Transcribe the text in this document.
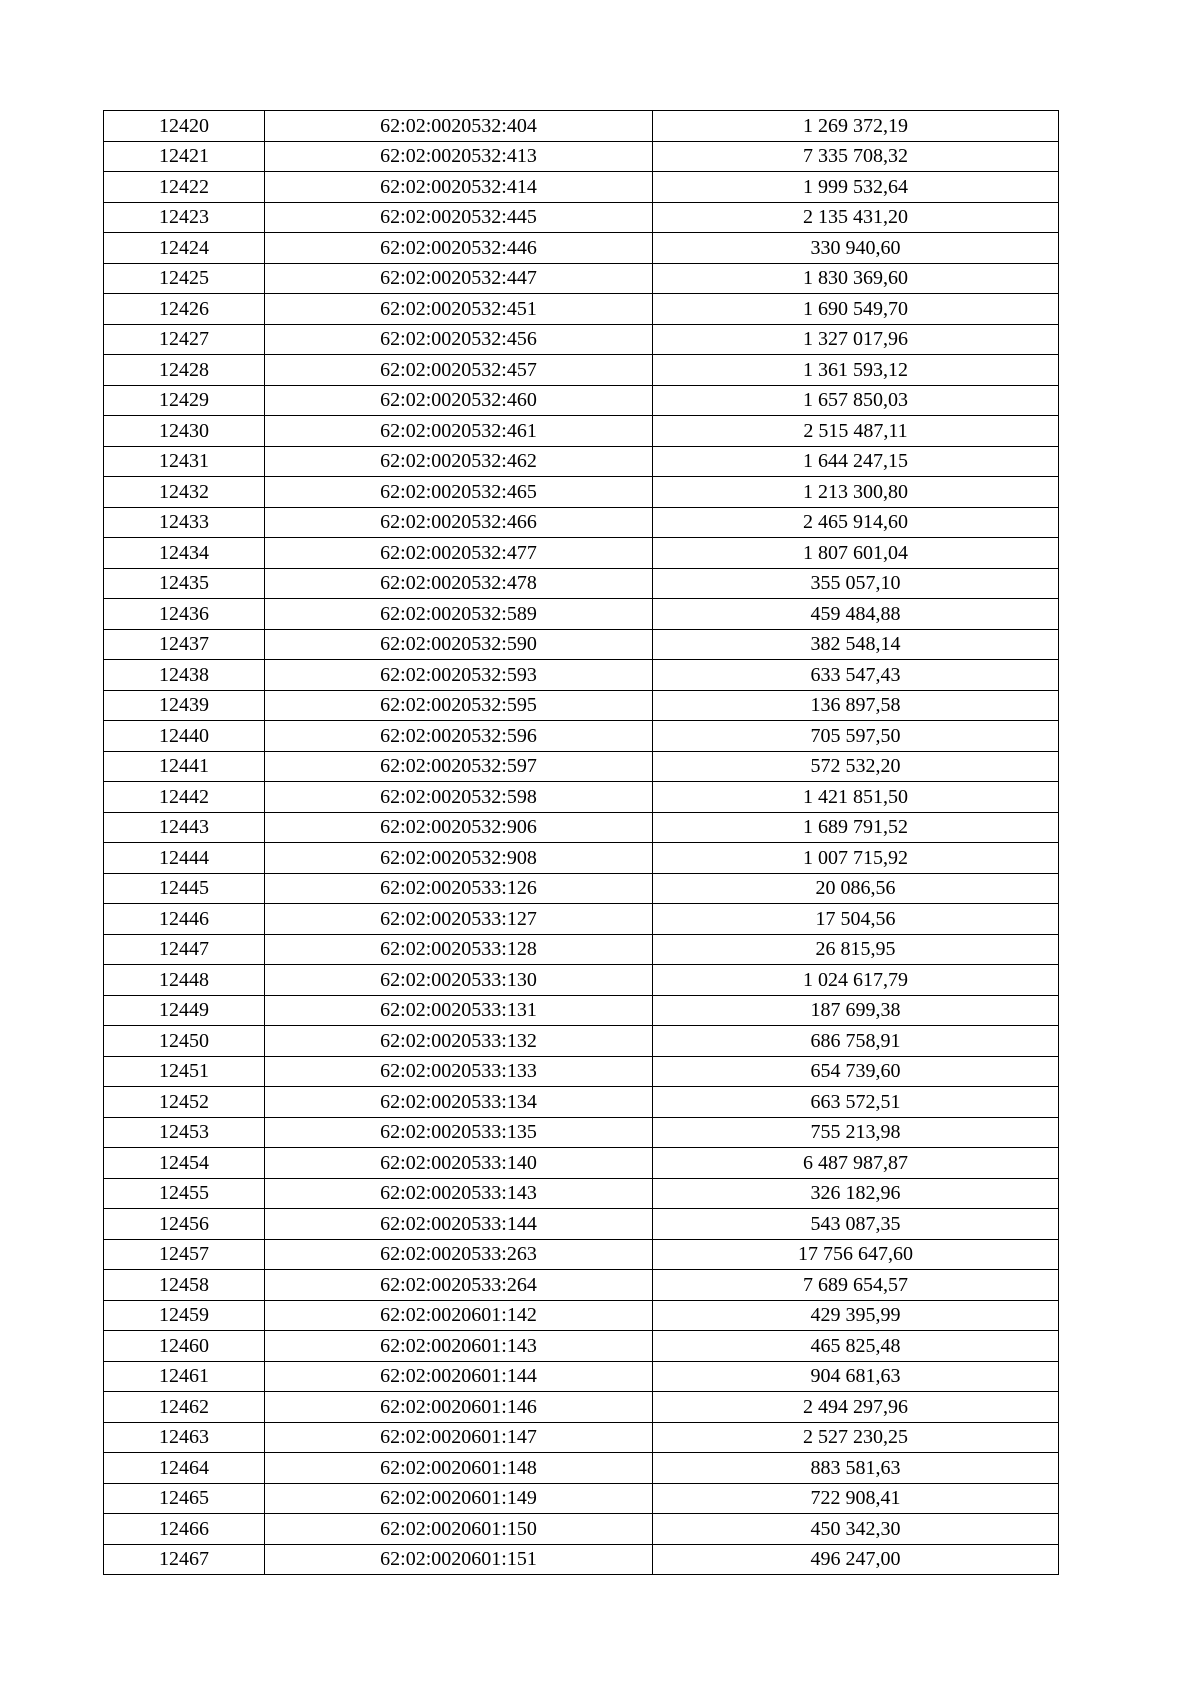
12420	62:02:0020532:404	1 269 372,19
12421	62:02:0020532:413	7 335 708,32
12422	62:02:0020532:414	1 999 532,64
12423	62:02:0020532:445	2 135 431,20
12424	62:02:0020532:446	330 940,60
12425	62:02:0020532:447	1 830 369,60
12426	62:02:0020532:451	1 690 549,70
12427	62:02:0020532:456	1 327 017,96
12428	62:02:0020532:457	1 361 593,12
12429	62:02:0020532:460	1 657 850,03
12430	62:02:0020532:461	2 515 487,11
12431	62:02:0020532:462	1 644 247,15
12432	62:02:0020532:465	1 213 300,80
12433	62:02:0020532:466	2 465 914,60
12434	62:02:0020532:477	1 807 601,04
12435	62:02:0020532:478	355 057,10
12436	62:02:0020532:589	459 484,88
12437	62:02:0020532:590	382 548,14
12438	62:02:0020532:593	633 547,43
12439	62:02:0020532:595	136 897,58
12440	62:02:0020532:596	705 597,50
12441	62:02:0020532:597	572 532,20
12442	62:02:0020532:598	1 421 851,50
12443	62:02:0020532:906	1 689 791,52
12444	62:02:0020532:908	1 007 715,92
12445	62:02:0020533:126	20 086,56
12446	62:02:0020533:127	17 504,56
12447	62:02:0020533:128	26 815,95
12448	62:02:0020533:130	1 024 617,79
12449	62:02:0020533:131	187 699,38
12450	62:02:0020533:132	686 758,91
12451	62:02:0020533:133	654 739,60
12452	62:02:0020533:134	663 572,51
12453	62:02:0020533:135	755 213,98
12454	62:02:0020533:140	6 487 987,87
12455	62:02:0020533:143	326 182,96
12456	62:02:0020533:144	543 087,35
12457	62:02:0020533:263	17 756 647,60
12458	62:02:0020533:264	7 689 654,57
12459	62:02:0020601:142	429 395,99
12460	62:02:0020601:143	465 825,48
12461	62:02:0020601:144	904 681,63
12462	62:02:0020601:146	2 494 297,96
12463	62:02:0020601:147	2 527 230,25
12464	62:02:0020601:148	883 581,63
12465	62:02:0020601:149	722 908,41
12466	62:02:0020601:150	450 342,30
12467	62:02:0020601:151	496 247,00
